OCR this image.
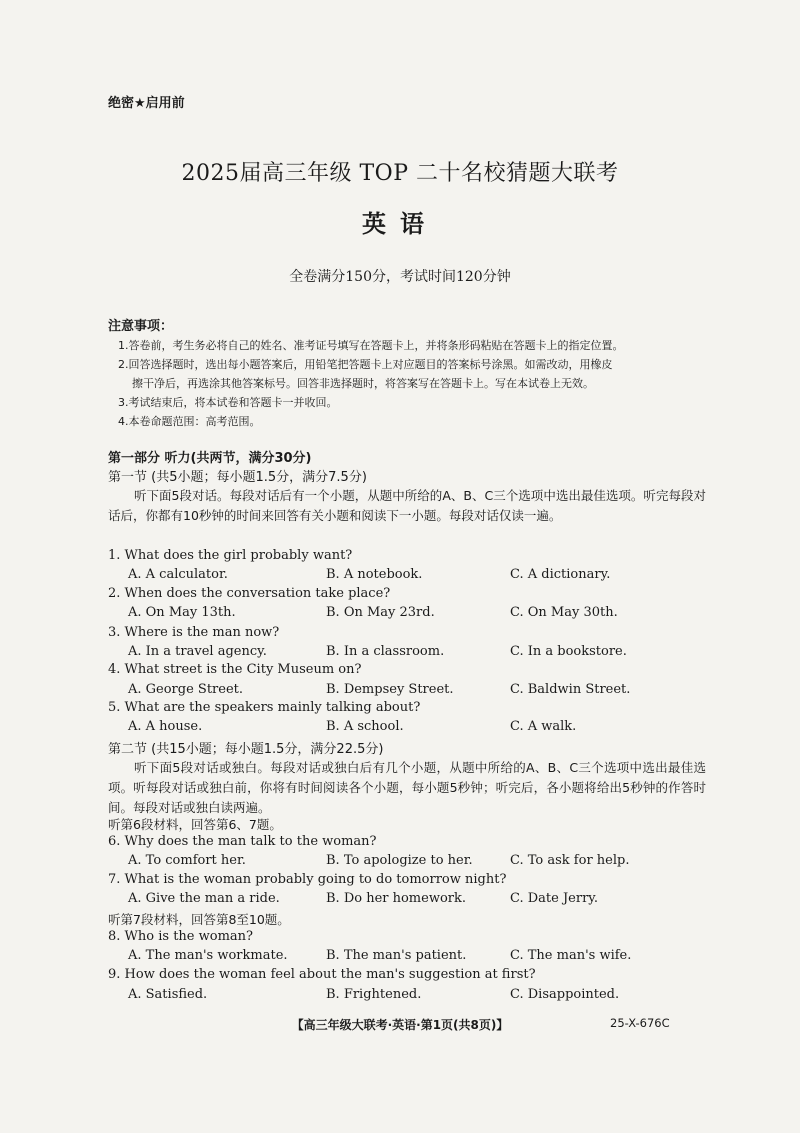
绝密★启用前
2025届高三年级 TOP 二十名校猜题大联考
英语
全卷满分150分，考试时间120分钟
注意事项：
1.答卷前，考生务必将自己的姓名、准考证号填写在答题卡上，并将条形码粘贴在答题卡上的指定位置。
2.回答选择题时，选出每小题答案后，用铅笔把答题卡上对应题目的答案标号涂黑。如需改动，用橡皮
擦干净后，再选涂其他答案标号。回答非选择题时，将答案写在答题卡上。写在本试卷上无效。
3.考试结束后，将本试卷和答题卡一并收回。
4.本卷命题范围：高考范围。
第一部分 听力(共两节，满分30分)
第一节 (共5小题；每小题1.5分，满分7.5分)
听下面5段对话。每段对话后有一个小题，从题中所给的A、B、C三个选项中选出最佳选项。听完每段对话后，你都有10秒钟的时间来回答有关小题和阅读下一小题。每段对话仅读一遍。
1. What does the girl probably want?
A. A calculator.	B. A notebook.	C. A dictionary.
2. When does the conversation take place?
A. On May 13th.	B. On May 23rd.	C. On May 30th.
3. Where is the man now?
A. In a travel agency.	B. In a classroom.	C. In a bookstore.
4. What street is the City Museum on?
A. George Street.	B. Dempsey Street.	C. Baldwin Street.
5. What are the speakers mainly talking about?
A. A house.	B. A school.	C. A walk.
第二节 (共15小题；每小题1.5分，满分22.5分)
听下面5段对话或独白。每段对话或独白后有几个小题，从题中所给的A、B、C三个选项中选出最佳选项。听每段对话或独白前，你将有时间阅读各个小题，每小题5秒钟；听完后，各小题将给出5秒钟的作答时间。每段对话或独白读两遍。
听第6段材料，回答第6、7题。
6. Why does the man talk to the woman?
A. To comfort her.	B. To apologize to her.	C. To ask for help.
7. What is the woman probably going to do tomorrow night?
A. Give the man a ride.	B. Do her homework.	C. Date Jerry.
听第7段材料，回答第8至10题。
8. Who is the woman?
A. The man's workmate.	B. The man's patient.	C. The man's wife.
9. How does the woman feel about the man's suggestion at first?
A. Satisfied.	B. Frightened.	C. Disappointed.
【高三年级大联考·英语·第1页(共8页)】	25-X-676C
